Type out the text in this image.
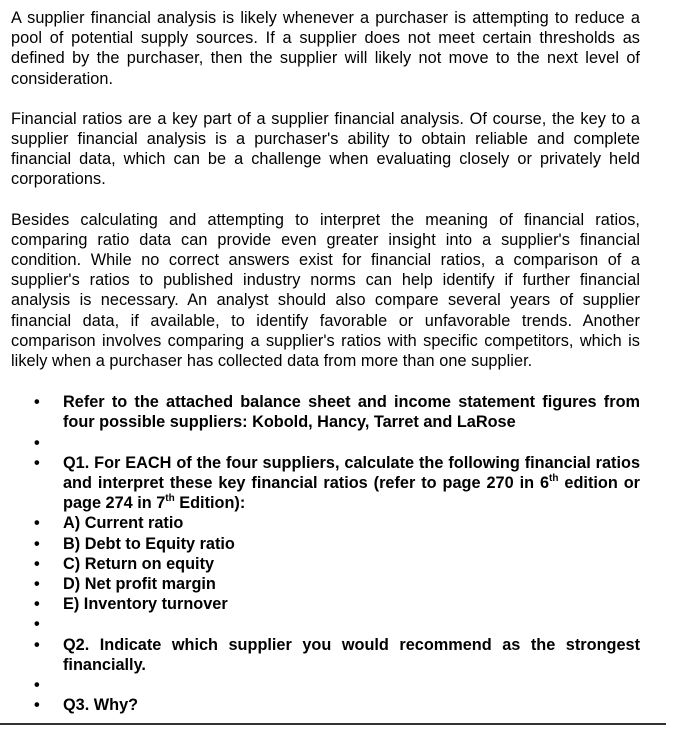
A supplier financial analysis is likely whenever a purchaser is attempting to reduce a pool of potential supply sources. If a supplier does not meet certain thresholds as defined by the purchaser, then the supplier will likely not move to the next level of consideration.

Financial ratios are a key part of a supplier financial analysis. Of course, the key to a supplier financial analysis is a purchaser's ability to obtain reliable and complete financial data, which can be a challenge when evaluating closely or privately held corporations.

Besides calculating and attempting to interpret the meaning of financial ratios, comparing ratio data can provide even greater insight into a supplier's financial condition. While no correct answers exist for financial ratios, a comparison of a supplier's ratios to published industry norms can help identify if further financial analysis is necessary. An analyst should also compare several years of supplier financial data, if available, to identify favorable or unfavorable trends. Another comparison involves comparing a supplier's ratios with specific competitors, which is likely when a purchaser has collected data from more than one supplier.

• Refer to the attached balance sheet and income statement figures from four possible suppliers: Kobold, Hancy, Tarret and LaRose
•
• Q1. For EACH of the four suppliers, calculate the following financial ratios and interpret these key financial ratios (refer to page 270 in 6th edition or page 274 in 7th Edition):
• A) Current ratio
• B) Debt to Equity ratio
• C) Return on equity
• D) Net profit margin
• E) Inventory turnover
•
• Q2. Indicate which supplier you would recommend as the strongest financially.
•
• Q3. Why?
